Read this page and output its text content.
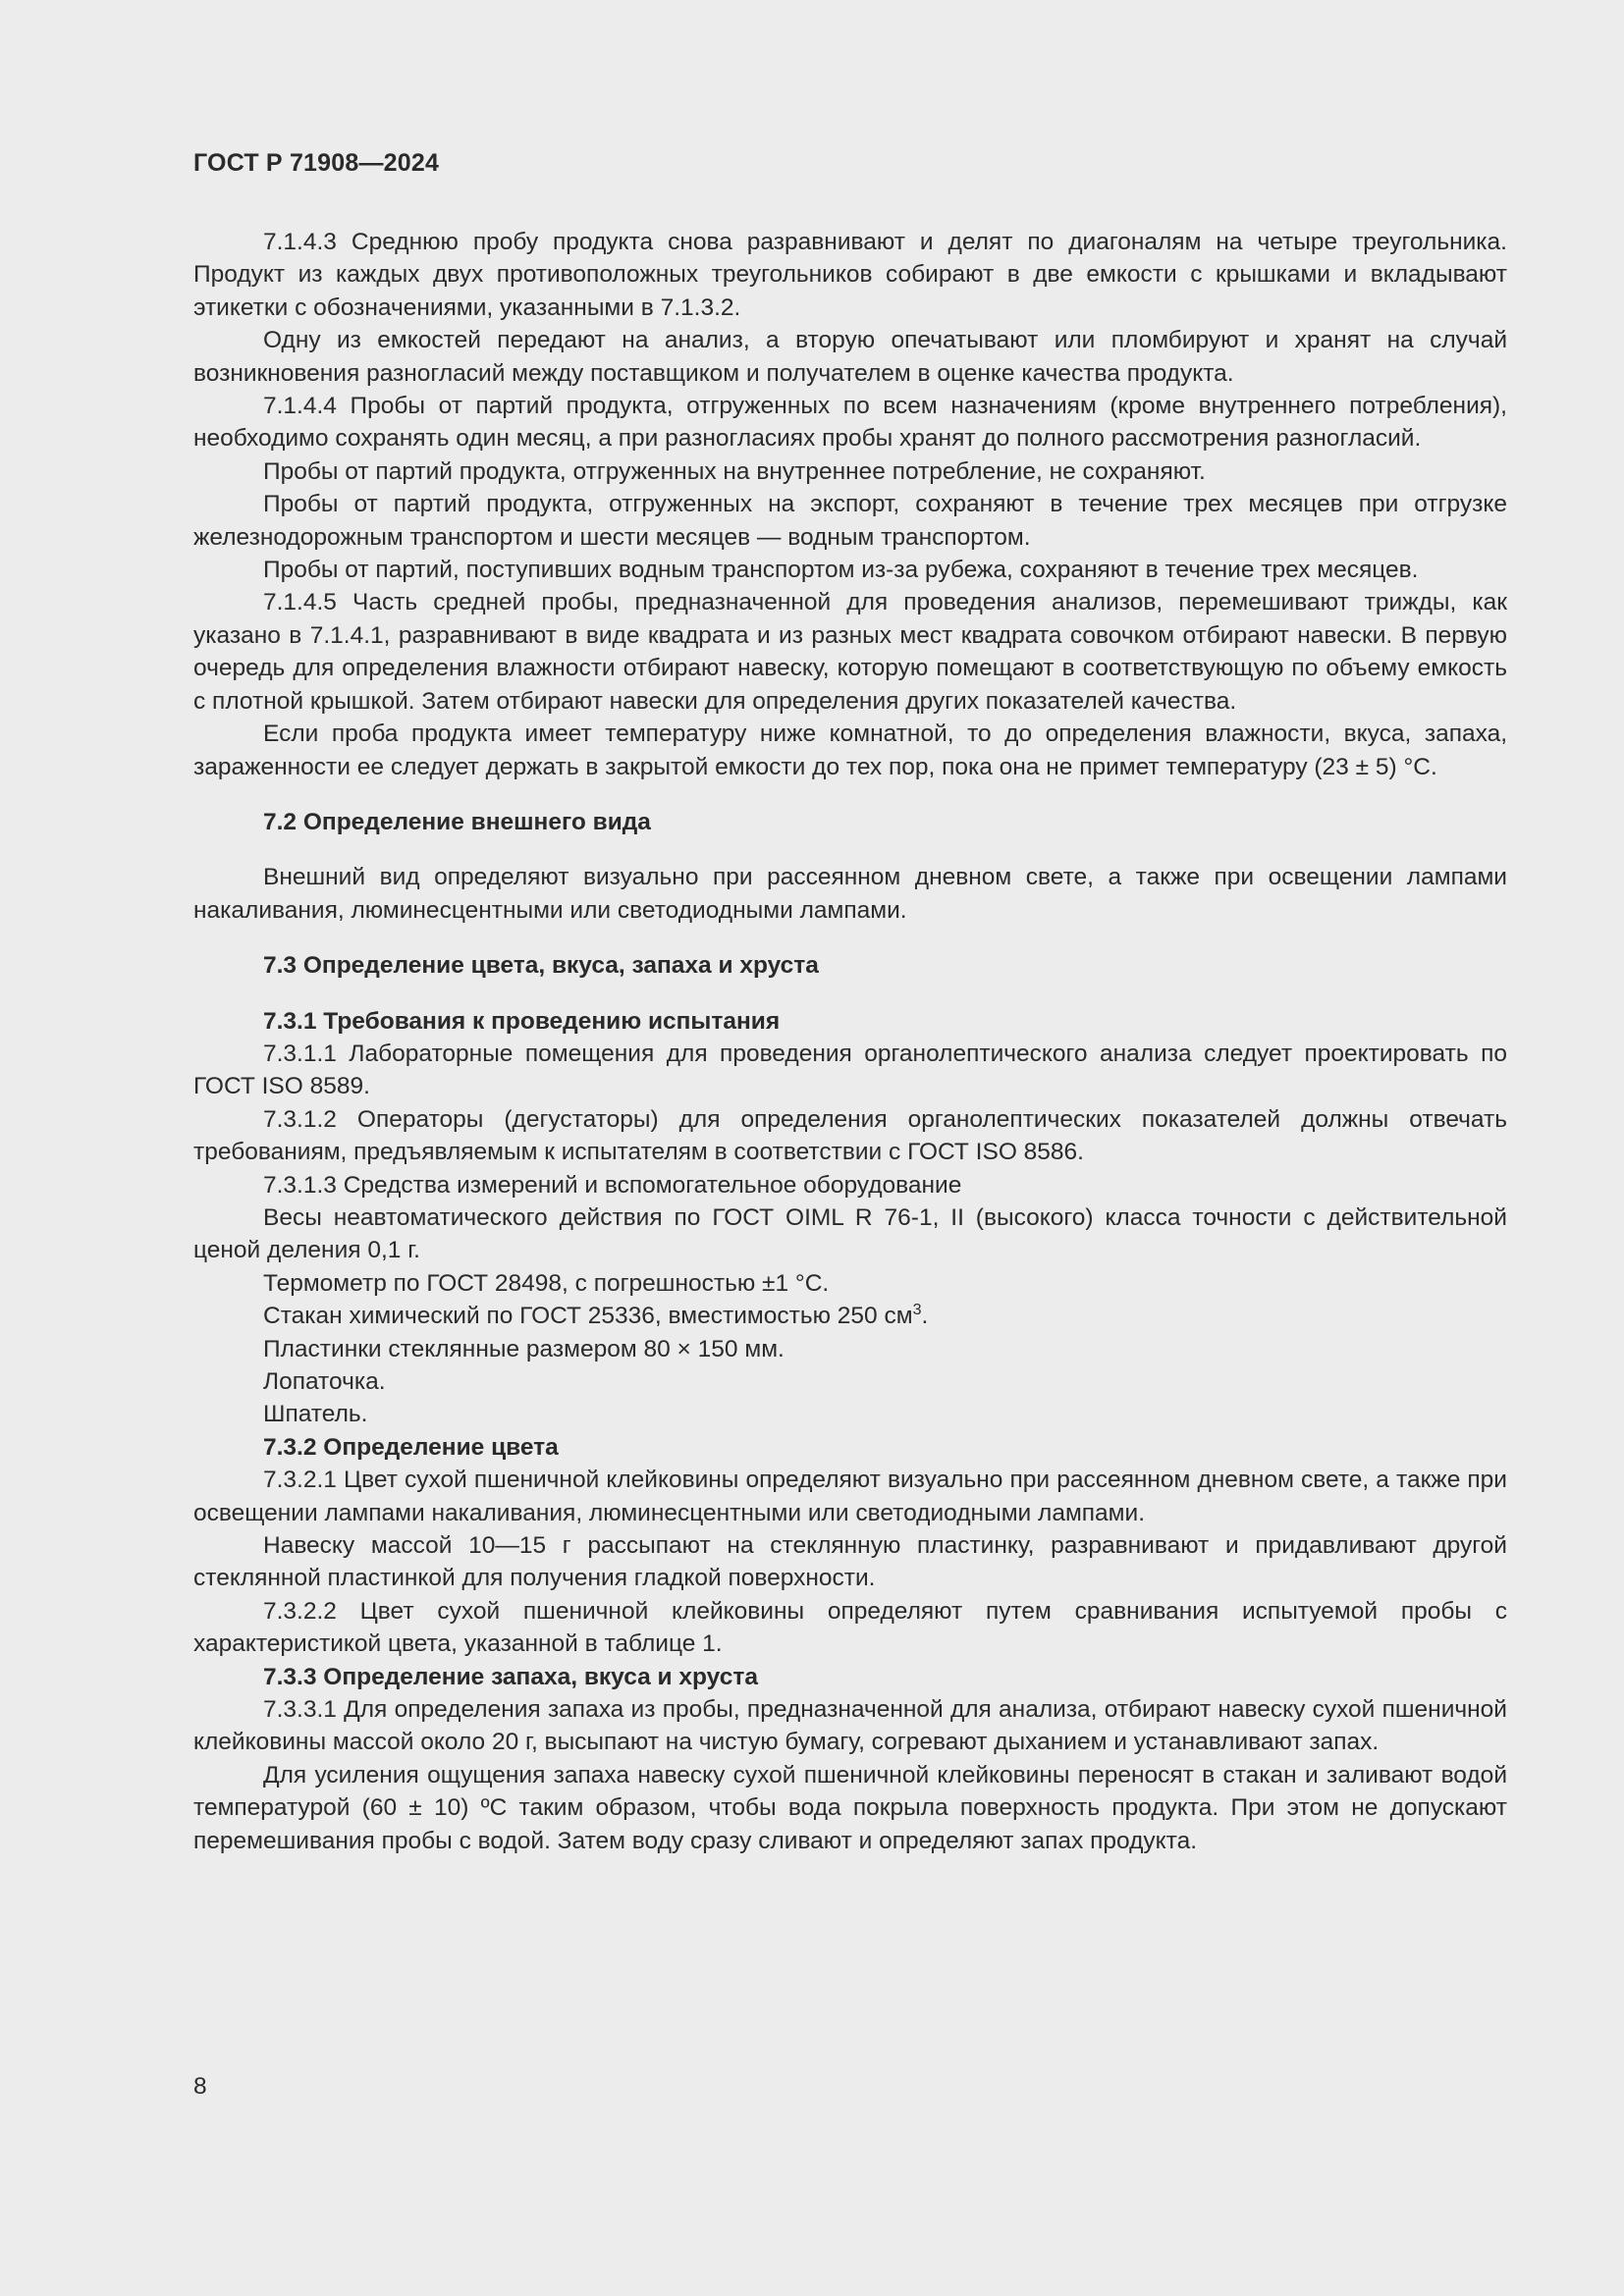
ГОСТ Р 71908—2024

7.1.4.3 Среднюю пробу продукта снова разравнивают и делят по диагоналям на четыре треугольника. Продукт из каждых двух противоположных треугольников собирают в две емкости с крышками и вкладывают этикетки с обозначениями, указанными в 7.1.3.2.

Одну из емкостей передают на анализ, а вторую опечатывают или пломбируют и хранят на случай возникновения разногласий между поставщиком и получателем в оценке качества продукта.

7.1.4.4 Пробы от партий продукта, отгруженных по всем назначениям (кроме внутреннего потребления), необходимо сохранять один месяц, а при разногласиях пробы хранят до полного рассмотрения разногласий.

Пробы от партий продукта, отгруженных на внутреннее потребление, не сохраняют.

Пробы от партий продукта, отгруженных на экспорт, сохраняют в течение трех месяцев при отгрузке железнодорожным транспортом и шести месяцев — водным транспортом.

Пробы от партий, поступивших водным транспортом из-за рубежа, сохраняют в течение трех месяцев.

7.1.4.5 Часть средней пробы, предназначенной для проведения анализов, перемешивают трижды, как указано в 7.1.4.1, разравнивают в виде квадрата и из разных мест квадрата совочком отбирают навески. В первую очередь для определения влажности отбирают навеску, которую помещают в соответствующую по объему емкость с плотной крышкой. Затем отбирают навески для определения других показателей качества.

Если проба продукта имеет температуру ниже комнатной, то до определения влажности, вкуса, запаха, зараженности ее следует держать в закрытой емкости до тех пор, пока она не примет температуру (23 ± 5) °С.

7.2 Определение внешнего вида

Внешний вид определяют визуально при рассеянном дневном свете, а также при освещении лампами накаливания, люминесцентными или светодиодными лампами.

7.3 Определение цвета, вкуса, запаха и хруста

7.3.1 Требования к проведению испытания

7.3.1.1 Лабораторные помещения для проведения органолептического анализа следует проектировать по ГОСТ ISO 8589.

7.3.1.2 Операторы (дегустаторы) для определения органолептических показателей должны отвечать требованиям, предъявляемым к испытателям в соответствии с ГОСТ ISO 8586.

7.3.1.3 Средства измерений и вспомогательное оборудование

Весы неавтоматического действия по ГОСТ OIML R 76-1, II (высокого) класса точности с действительной ценой деления 0,1 г.

Термометр по ГОСТ 28498, с погрешностью ±1 °С.

Стакан химический по ГОСТ 25336, вместимостью 250 $см^3$.

Пластинки стеклянные размером 80 × 150 мм.

Лопаточка.

Шпатель.

7.3.2 Определение цвета

7.3.2.1 Цвет сухой пшеничной клейковины определяют визуально при рассеянном дневном свете, а также при освещении лампами накаливания, люминесцентными или светодиодными лампами.

Навеску массой 10—15 г рассыпают на стеклянную пластинку, разравнивают и придавливают другой стеклянной пластинкой для получения гладкой поверхности.

7.3.2.2 Цвет сухой пшеничной клейковины определяют путем сравнивания испытуемой пробы с характеристикой цвета, указанной в таблице 1.

7.3.3 Определение запаха, вкуса и хруста

7.3.3.1 Для определения запаха из пробы, предназначенной для анализа, отбирают навеску сухой пшеничной клейковины массой около 20 г, высыпают на чистую бумагу, согревают дыханием и устанавливают запах.

Для усиления ощущения запаха навеску сухой пшеничной клейковины переносят в стакан и заливают водой температурой (60 ± 10) ºС таким образом, чтобы вода покрыла поверхность продукта. При этом не допускают перемешивания пробы с водой. Затем воду сразу сливают и определяют запах продукта.

8
